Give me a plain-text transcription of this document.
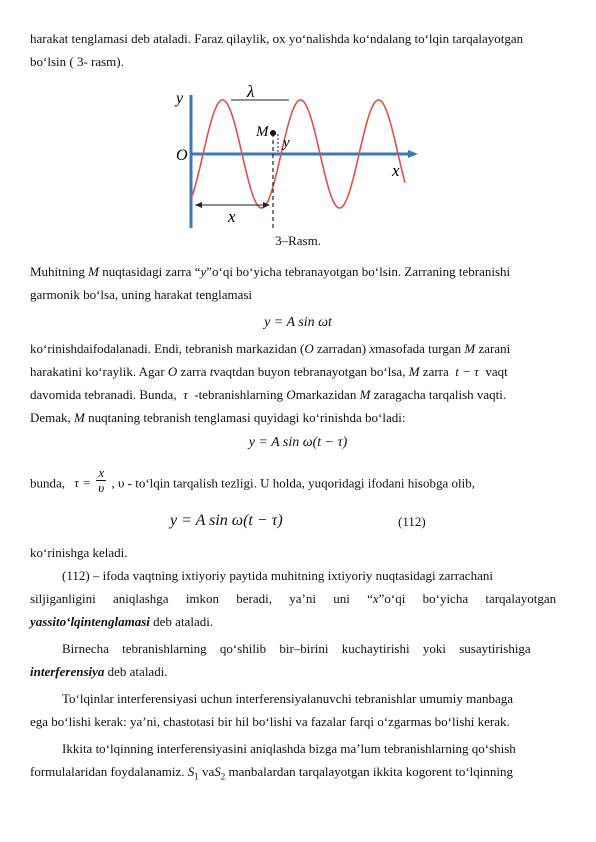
harakat tenglamasi deb ataladi. Faraz qilaylik, ox yo‘nalishda ko‘ndalang to‘lqin tarqalayotgan
bo‘lsin ( 3- rasm).
y	λ
M
y
O
x
x
3–Rasm.
Muhitning M nuqtasidagi zarra “y”o‘qi bo‘yicha tebranayotgan bo‘lsin. Zarraning tebranishi
garmonik bo‘lsa, uning harakat tenglamasi
y = A sin ωt
ko‘rinishdaifodalanadi. Endi, tebranish markazidan (O zarradan) xmasofada turgan M zarani
harakatini ko‘raylik. Agar O zarra tvaqtdan buyon tebranayotgan bo‘lsa, M zarra  t − τ  vaqt
davomida tebranadi. Bunda,  τ  -tebranishlarning Omarkazidan M zaragacha tarqalish vaqti.
Demak, M nuqtaning tebranish tenglamasi quyidagi ko‘rinishda bo‘ladi:
y = A sin ω(t − τ)
bunda, $\tau = \frac{x}{\upsilon}$ , υ - to‘lqin tarqalish tezligi. U holda, yuqoridagi ifodani hisobga olib,
y = A sin ω(t − τ)	(112)
ko‘rinishga keladi.
(112) – ifoda vaqtning ixtiyoriy paytida muhitning ixtiyoriy nuqtasidagi zarrachani
siljiganligini aniqlashga imkon beradi, ya’ni uni “x”o‘qi bo‘yicha tarqalayotgan
yassito‘lqintenglamasi deb ataladi.
Birnecha tebranishlarning qo‘shilib bir–birini kuchaytirishi yoki susaytirishiga
interferensiya deb ataladi.
To‘lqinlar interferensiyasi uchun interferensiyalanuvchi tebranishlar umumiy manbaga
ega bo‘lishi kerak: ya’ni, chastotasi bir hil bo‘lishi va fazalar farqi o‘zgarmas bo‘lishi kerak.
Ikkita to‘lqinning interferensiyasini aniqlashda bizga ma’lum tebranishlarning qo‘shish
formulalaridan foydalanamiz. $S_1$ vaS$_2$ manbalardan tarqalayotgan ikkita kogorent to‘lqinning
